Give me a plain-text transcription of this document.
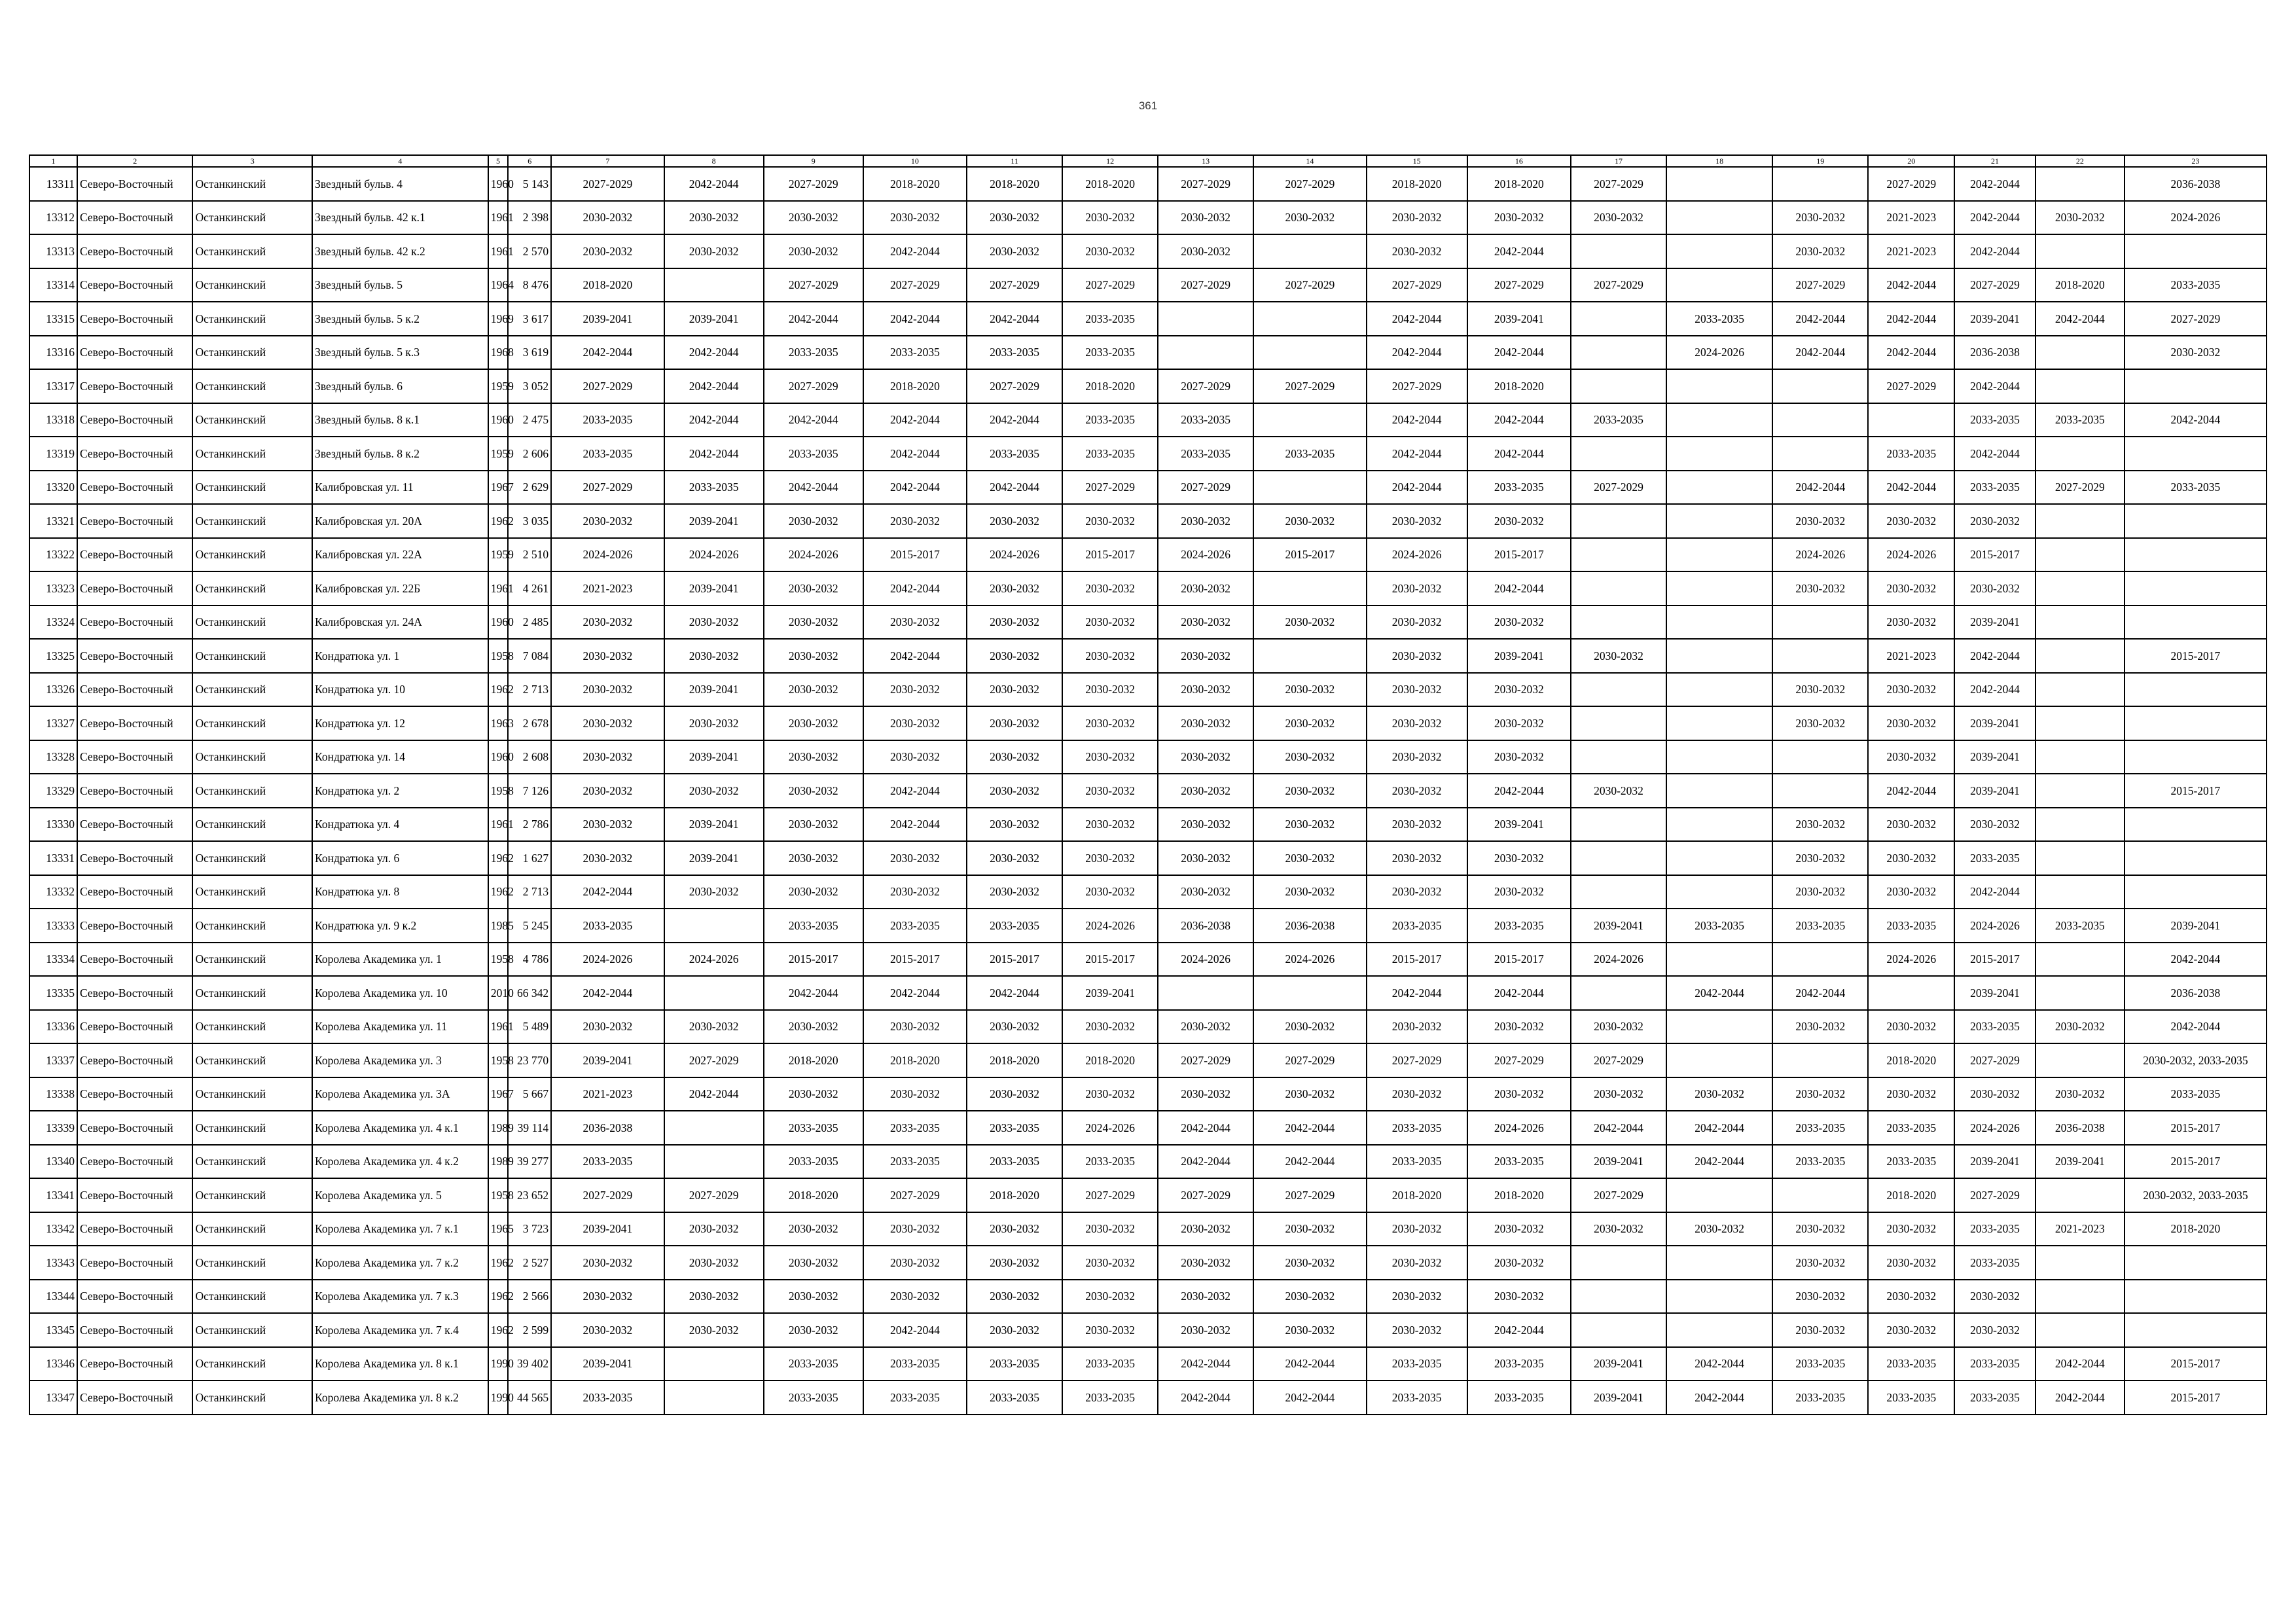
361
1	2	3	4	5	6	7	8	9	10	11	12	13	14	15	16	17	18	19	20	21	22	23
13311	Северо-Восточный	Останкинский	Звездный бульв. 4	1960	5 143	2027-2029	2042-2044	2027-2029	2018-2020	2018-2020	2018-2020	2027-2029	2027-2029	2018-2020	2018-2020	2027-2029			2027-2029	2042-2044		2036-2038
13312	Северо-Восточный	Останкинский	Звездный бульв. 42 к.1	1961	2 398	2030-2032	2030-2032	2030-2032	2030-2032	2030-2032	2030-2032	2030-2032	2030-2032	2030-2032	2030-2032	2030-2032		2030-2032	2021-2023	2042-2044	2030-2032	2024-2026
13313	Северо-Восточный	Останкинский	Звездный бульв. 42 к.2	1961	2 570	2030-2032	2030-2032	2030-2032	2042-2044	2030-2032	2030-2032	2030-2032		2030-2032	2042-2044			2030-2032	2021-2023	2042-2044		
13314	Северо-Восточный	Останкинский	Звездный бульв. 5	1964	8 476	2018-2020		2027-2029	2027-2029	2027-2029	2027-2029	2027-2029	2027-2029	2027-2029	2027-2029	2027-2029		2027-2029	2042-2044	2027-2029	2018-2020	2033-2035
13315	Северо-Восточный	Останкинский	Звездный бульв. 5 к.2	1969	3 617	2039-2041	2039-2041	2042-2044	2042-2044	2042-2044	2033-2035			2042-2044	2039-2041		2033-2035	2042-2044	2042-2044	2039-2041	2042-2044	2027-2029
13316	Северо-Восточный	Останкинский	Звездный бульв. 5 к.3	1968	3 619	2042-2044	2042-2044	2033-2035	2033-2035	2033-2035	2033-2035			2042-2044	2042-2044		2024-2026	2042-2044	2042-2044	2036-2038		2030-2032
13317	Северо-Восточный	Останкинский	Звездный бульв. 6	1959	3 052	2027-2029	2042-2044	2027-2029	2018-2020	2027-2029	2018-2020	2027-2029	2027-2029	2027-2029	2018-2020				2027-2029	2042-2044		
13318	Северо-Восточный	Останкинский	Звездный бульв. 8 к.1	1960	2 475	2033-2035	2042-2044	2042-2044	2042-2044	2042-2044	2033-2035	2033-2035		2042-2044	2042-2044	2033-2035				2033-2035	2033-2035	2042-2044
13319	Северо-Восточный	Останкинский	Звездный бульв. 8 к.2	1959	2 606	2033-2035	2042-2044	2033-2035	2042-2044	2033-2035	2033-2035	2033-2035	2033-2035	2042-2044	2042-2044				2033-2035	2042-2044		
13320	Северо-Восточный	Останкинский	Калибровская ул. 11	1967	2 629	2027-2029	2033-2035	2042-2044	2042-2044	2042-2044	2027-2029	2027-2029		2042-2044	2033-2035	2027-2029		2042-2044	2042-2044	2033-2035	2027-2029	2033-2035
13321	Северо-Восточный	Останкинский	Калибровская ул. 20А	1962	3 035	2030-2032	2039-2041	2030-2032	2030-2032	2030-2032	2030-2032	2030-2032	2030-2032	2030-2032	2030-2032			2030-2032	2030-2032	2030-2032		
13322	Северо-Восточный	Останкинский	Калибровская ул. 22А	1959	2 510	2024-2026	2024-2026	2024-2026	2015-2017	2024-2026	2015-2017	2024-2026	2015-2017	2024-2026	2015-2017			2024-2026	2024-2026	2015-2017		
13323	Северо-Восточный	Останкинский	Калибровская ул. 22Б	1961	4 261	2021-2023	2039-2041	2030-2032	2042-2044	2030-2032	2030-2032	2030-2032		2030-2032	2042-2044			2030-2032	2030-2032	2030-2032		
13324	Северо-Восточный	Останкинский	Калибровская ул. 24А	1960	2 485	2030-2032	2030-2032	2030-2032	2030-2032	2030-2032	2030-2032	2030-2032	2030-2032	2030-2032	2030-2032				2030-2032	2039-2041		
13325	Северо-Восточный	Останкинский	Кондратюка ул. 1	1958	7 084	2030-2032	2030-2032	2030-2032	2042-2044	2030-2032	2030-2032	2030-2032		2030-2032	2039-2041	2030-2032			2021-2023	2042-2044		2015-2017
13326	Северо-Восточный	Останкинский	Кондратюка ул. 10	1962	2 713	2030-2032	2039-2041	2030-2032	2030-2032	2030-2032	2030-2032	2030-2032	2030-2032	2030-2032	2030-2032			2030-2032	2030-2032	2042-2044		
13327	Северо-Восточный	Останкинский	Кондратюка ул. 12	1963	2 678	2030-2032	2030-2032	2030-2032	2030-2032	2030-2032	2030-2032	2030-2032	2030-2032	2030-2032	2030-2032			2030-2032	2030-2032	2039-2041		
13328	Северо-Восточный	Останкинский	Кондратюка ул. 14	1960	2 608	2030-2032	2039-2041	2030-2032	2030-2032	2030-2032	2030-2032	2030-2032	2030-2032	2030-2032	2030-2032				2030-2032	2039-2041		
13329	Северо-Восточный	Останкинский	Кондратюка ул. 2	1958	7 126	2030-2032	2030-2032	2030-2032	2042-2044	2030-2032	2030-2032	2030-2032	2030-2032	2030-2032	2042-2044	2030-2032			2042-2044	2039-2041		2015-2017
13330	Северо-Восточный	Останкинский	Кондратюка ул. 4	1961	2 786	2030-2032	2039-2041	2030-2032	2042-2044	2030-2032	2030-2032	2030-2032	2030-2032	2030-2032	2039-2041			2030-2032	2030-2032	2030-2032		
13331	Северо-Восточный	Останкинский	Кондратюка ул. 6	1962	1 627	2030-2032	2039-2041	2030-2032	2030-2032	2030-2032	2030-2032	2030-2032	2030-2032	2030-2032	2030-2032			2030-2032	2030-2032	2033-2035		
13332	Северо-Восточный	Останкинский	Кондратюка ул. 8	1962	2 713	2042-2044	2030-2032	2030-2032	2030-2032	2030-2032	2030-2032	2030-2032	2030-2032	2030-2032	2030-2032			2030-2032	2030-2032	2042-2044		
13333	Северо-Восточный	Останкинский	Кондратюка ул. 9 к.2	1985	5 245	2033-2035		2033-2035	2033-2035	2033-2035	2024-2026	2036-2038	2036-2038	2033-2035	2033-2035	2039-2041	2033-2035	2033-2035	2033-2035	2024-2026	2033-2035	2039-2041
13334	Северо-Восточный	Останкинский	Королева Академика ул. 1	1958	4 786	2024-2026	2024-2026	2015-2017	2015-2017	2015-2017	2015-2017	2024-2026	2024-2026	2015-2017	2015-2017	2024-2026			2024-2026	2015-2017		2042-2044
13335	Северо-Восточный	Останкинский	Королева Академика ул. 10	2010	66 342	2042-2044		2042-2044	2042-2044	2042-2044	2039-2041			2042-2044	2042-2044		2042-2044	2042-2044		2039-2041		2036-2038
13336	Северо-Восточный	Останкинский	Королева Академика ул. 11	1961	5 489	2030-2032	2030-2032	2030-2032	2030-2032	2030-2032	2030-2032	2030-2032	2030-2032	2030-2032	2030-2032	2030-2032		2030-2032	2030-2032	2033-2035	2030-2032	2042-2044
13337	Северо-Восточный	Останкинский	Королева Академика ул. 3	1958	23 770	2039-2041	2027-2029	2018-2020	2018-2020	2018-2020	2018-2020	2027-2029	2027-2029	2027-2029	2027-2029	2027-2029			2018-2020	2027-2029		2030-2032, 2033-2035
13338	Северо-Восточный	Останкинский	Королева Академика ул. 3А	1967	5 667	2021-2023	2042-2044	2030-2032	2030-2032	2030-2032	2030-2032	2030-2032	2030-2032	2030-2032	2030-2032	2030-2032	2030-2032	2030-2032	2030-2032	2030-2032	2030-2032	2033-2035
13339	Северо-Восточный	Останкинский	Королева Академика ул. 4 к.1	1989	39 114	2036-2038		2033-2035	2033-2035	2033-2035	2024-2026	2042-2044	2042-2044	2033-2035	2024-2026	2042-2044	2042-2044	2033-2035	2033-2035	2024-2026	2036-2038	2015-2017
13340	Северо-Восточный	Останкинский	Королева Академика ул. 4 к.2	1989	39 277	2033-2035		2033-2035	2033-2035	2033-2035	2033-2035	2042-2044	2042-2044	2033-2035	2033-2035	2039-2041	2042-2044	2033-2035	2033-2035	2039-2041	2039-2041	2015-2017
13341	Северо-Восточный	Останкинский	Королева Академика ул. 5	1958	23 652	2027-2029	2027-2029	2018-2020	2027-2029	2018-2020	2027-2029	2027-2029	2027-2029	2018-2020	2018-2020	2027-2029			2018-2020	2027-2029		2030-2032, 2033-2035
13342	Северо-Восточный	Останкинский	Королева Академика ул. 7 к.1	1965	3 723	2039-2041	2030-2032	2030-2032	2030-2032	2030-2032	2030-2032	2030-2032	2030-2032	2030-2032	2030-2032	2030-2032	2030-2032	2030-2032	2030-2032	2033-2035	2021-2023	2018-2020
13343	Северо-Восточный	Останкинский	Королева Академика ул. 7 к.2	1962	2 527	2030-2032	2030-2032	2030-2032	2030-2032	2030-2032	2030-2032	2030-2032	2030-2032	2030-2032	2030-2032			2030-2032	2030-2032	2033-2035		
13344	Северо-Восточный	Останкинский	Королева Академика ул. 7 к.3	1962	2 566	2030-2032	2030-2032	2030-2032	2030-2032	2030-2032	2030-2032	2030-2032	2030-2032	2030-2032	2030-2032			2030-2032	2030-2032	2030-2032		
13345	Северо-Восточный	Останкинский	Королева Академика ул. 7 к.4	1962	2 599	2030-2032	2030-2032	2030-2032	2042-2044	2030-2032	2030-2032	2030-2032	2030-2032	2030-2032	2042-2044			2030-2032	2030-2032	2030-2032		
13346	Северо-Восточный	Останкинский	Королева Академика ул. 8 к.1	1990	39 402	2039-2041		2033-2035	2033-2035	2033-2035	2033-2035	2042-2044	2042-2044	2033-2035	2033-2035	2039-2041	2042-2044	2033-2035	2033-2035	2033-2035	2042-2044	2015-2017
13347	Северо-Восточный	Останкинский	Королева Академика ул. 8 к.2	1990	44 565	2033-2035		2033-2035	2033-2035	2033-2035	2033-2035	2042-2044	2042-2044	2033-2035	2033-2035	2039-2041	2042-2044	2033-2035	2033-2035	2033-2035	2042-2044	2015-2017
